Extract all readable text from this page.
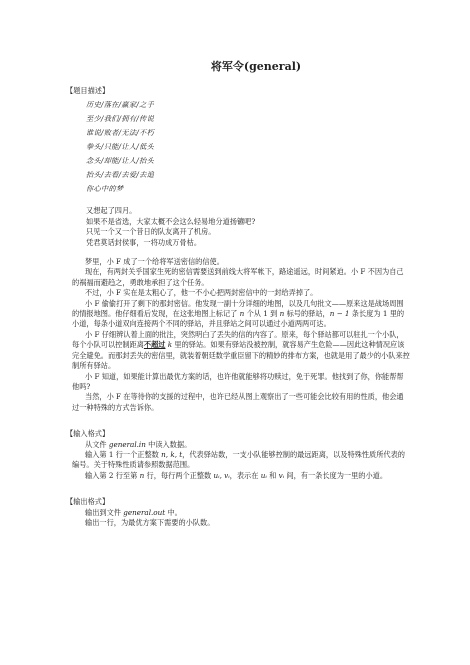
将军令(general)
【题目描述】
历史/落在/赢家/之手
至少/我们/拥有/传说
谁说/败者/无法/不朽
拳头/只能/让人/低头
念头/却能/让人/抬头
抬头/去看/去爱/去追
你心中的梦
又想起了四月。
如果不是省选，大家太概不会这么轻易地分道扬镳吧?
只见一个又一个昔日的队友离开了机房。
凭君莫话封侯事，一将功成万骨枯。

梦里，小 F 成了一个给将军送密信的信使。

现在，有两封关乎国家生死的密信需要送到前线大将军帐下，路途遥远，时间紧迫。小 F 不因为自己的祸福而避趋之，勇敢地承担了这个任务。

不过，小 F 实在是太粗心了，他一不小心把两封密信中的一封给弄掉了。

小 F 偷偷打开了剩下的那封密信。他发现一副十分详细的地图，以及几句批文——原来这是战场周围的情报地图。他仔细看后发现，在这张地图上标记了 n 个从 1 到 n 标号的驿站，n − 1 条长度为 1 里的小道，每条小道双向连接两个不同的驿站，并且驿站之间可以通过小道两两可达。

小 F 仔细辨认着上面的批注，突然明白了丢失的信的内容了。原来，每个驿站都可以驻扎一个小队，每个小队可以控制距离不超过 k 里的驿站。如果有驿站没被控制，就容易产生危险——因此这种情况应该完全避免。而那封丢失的密信里，就装着朝廷数学重臣留下的精妙的排布方案，也就是用了最少的小队来控制所有驿站。

小 F 知道，如果能计算出最优方案的话，也许他就能够将功赎过，免于死罪。他找到了你，你能帮帮他吗?

当然，小 F 在等待你的支援的过程中，也许已经从图上观察出了一些可能会比较有用的性质，他会通过一种特殊的方式告诉你。

【输入格式】

从文件 general.in 中读入数据。

输入第 1 行一个正整数 n, k, t，代表驿站数，一支小队能够控制的最远距离，以及特殊性质所代表的编号。关于特殊性质请参照数据范围。

输入第 2 行至第 n 行，每行两个正整数 uᵢ, vᵢ，表示在 uᵢ 和 vᵢ 间，有一条长度为一里的小道。

【输出格式】

输出到文件 general.out 中。

输出一行，为最优方案下需要的小队数。
